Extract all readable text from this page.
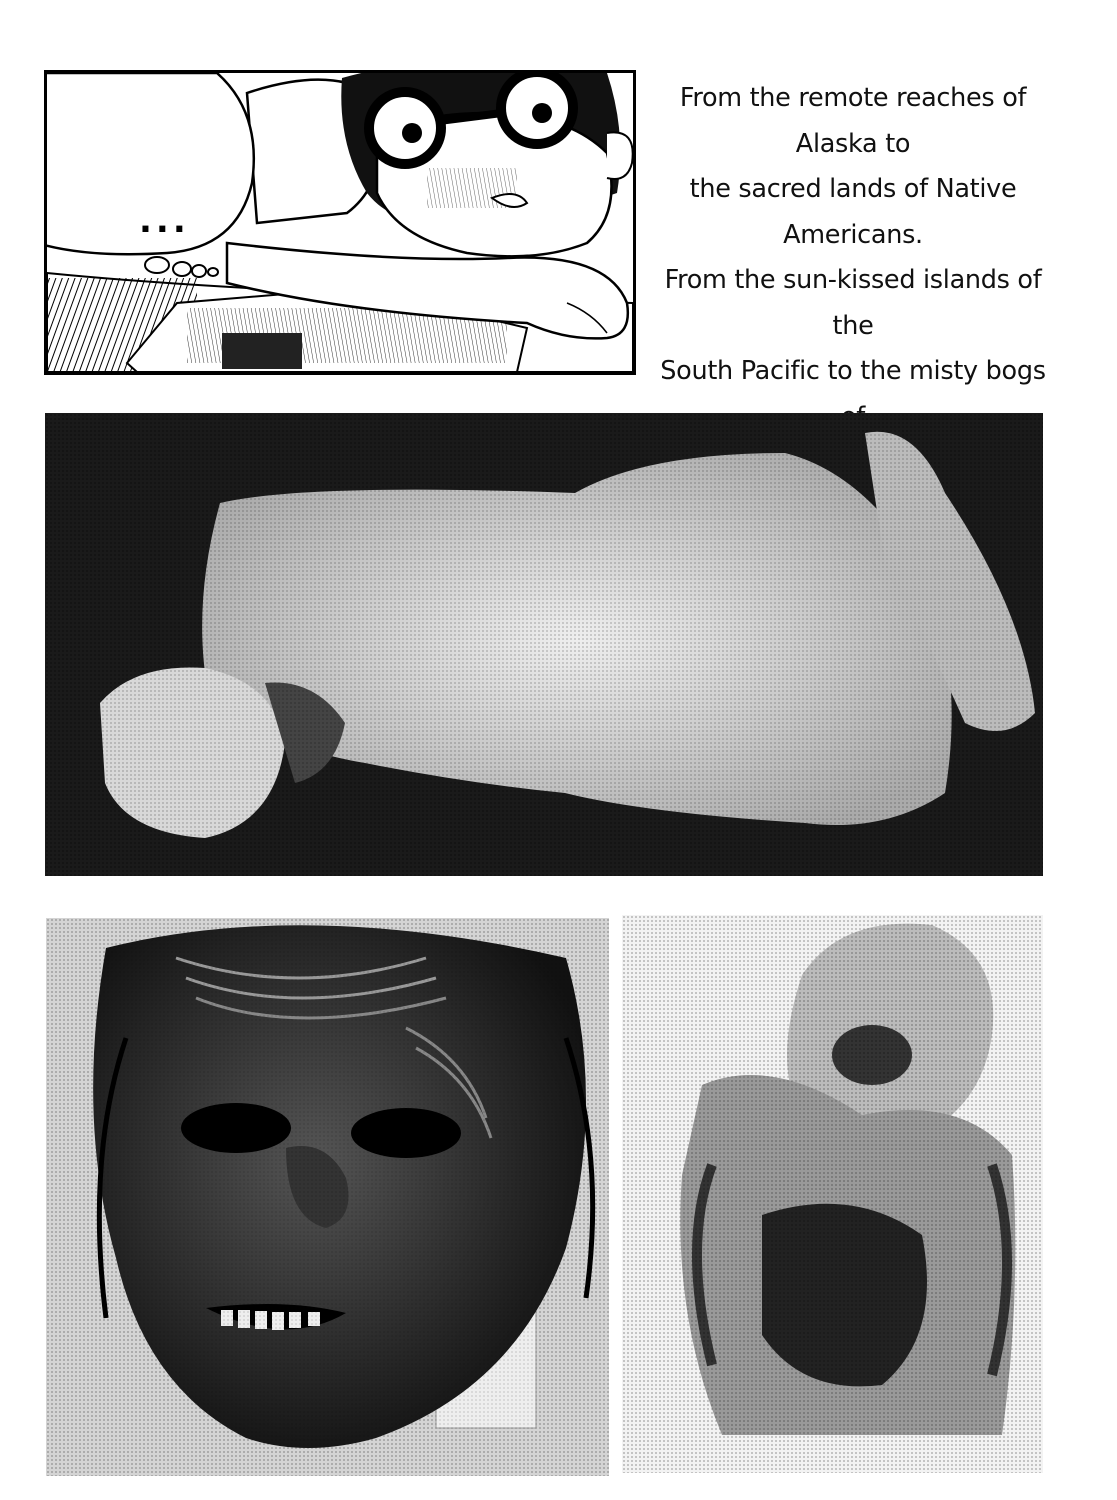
...
From the remote reaches of Alaska to
the sacred lands of Native Americans.
From the sun-kissed islands of the
South Pacific to the misty bogs
